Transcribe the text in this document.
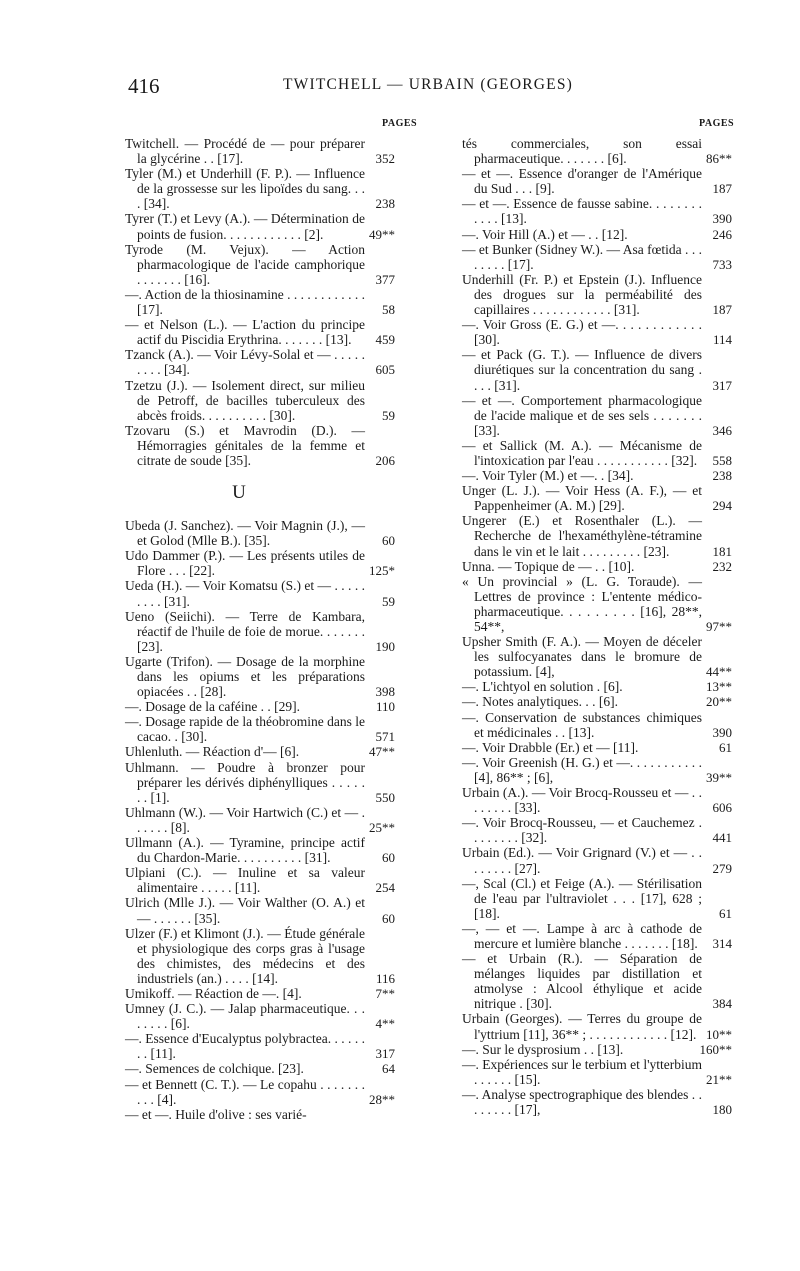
416	TWITCHELL — URBAIN (GEORGES)
PAGES
Twitchell. — Procédé de — pour préparer la glycérine . . [17].	352
Tyler (M.) et Underhill (F. P.). — Influence de la grossesse sur les lipoïdes du sang. . . . [34].	238
Tyrer (T.) et Levy (A.). — Détermination de points de fusion. . . . . . . . . . . . [2].	49**
Tyrode (M. Vejux). — Action pharmacologique de l'acide camphorique . . . . . . . [16].	377
—. Action de la thiosinamine . . . . . . . . . . . . [17].	58
— et Nelson (L.). — L'action du principe actif du Piscidia Erythrina. . . . . . . [13].	459
Tzanck (A.). — Voir Lévy-Solal et — . . . . . . . . . [34].	605
Tzetzu (J.). — Isolement direct, sur milieu de Petroff, de bacilles tuberculeux des abcès froids. . . . . . . . . . [30].	59
Tzovaru (S.) et Mavrodin (D.). — Hémorragies génitales de la femme et citrate de soude [35].	206
U
Ubeda (J. Sanchez). — Voir Magnin (J.), — et Golod (Mlle B.). [35].	60
Udo Dammer (P.). — Les présents utiles de Flore . . . [22].	125*
Ueda (H.). — Voir Komatsu (S.) et — . . . . . . . . . [31].	59
Ueno (Seiichi). — Terre de Kambara, réactif de l'huile de foie de morue. . . . . . . [23].	190
Ugarte (Trifon). — Dosage de la morphine dans les opiums et les préparations opiacées . . [28].	398
—. Dosage de la caféine . . [29].	110
—. Dosage rapide de la théobromine dans le cacao. . [30].	571
Uhlenluth. — Réaction d'— [6].	47**
Uhlmann. — Poudre à bronzer pour préparer les dérivés diphénylliques . . . . . . . [1].	550
Uhlmann (W.). — Voir Hartwich (C.) et — . . . . . . [8].	25**
Ullmann (A.). — Tyramine, principe actif du Chardon-Marie. . . . . . . . . . [31].	60
Ulpiani (C.). — Inuline et sa valeur alimentaire . . . . . [11].	254
Ulrich (Mlle J.). — Voir Walther (O. A.) et — . . . . . . [35].	60
Ulzer (F.) et Klimont (J.). — Étude générale et physiologique des corps gras à l'usage des chimistes, des médecins et des industriels (an.) . . . . [14].	116
Umikoff. — Réaction de —. [4].	7**
Umney (J. C.). — Jalap pharmaceutique. . . . . . . . [6].	4**
—. Essence d'Eucalyptus polybractea. . . . . . . . [11].	317
—. Semences de colchique. [23].	64
— et Bennett (C. T.). — Le copahu . . . . . . . . . . [4].	28**
— et —. Huile d'olive : ses varié-
PAGES
tés commerciales, son essai pharmaceutique. . . . . . . [6].	86**
— et —. Essence d'oranger de l'Amérique du Sud . . . [9].	187
— et —. Essence de fausse sabine. . . . . . . . . . . . [13].	390
—. Voir Hill (A.) et — . . [12].	246
— et Bunker (Sidney W.). — Asa fœtida . . . . . . . . [17].	733
Underhill (Fr. P.) et Epstein (J.). Influence des drogues sur la perméabilité des capillaires . . . . . . . . . . . . [31].	187
—. Voir Gross (E. G.) et —. . . . . . . . . . . . [30].	114
— et Pack (G. T.). — Influence de divers diurétiques sur la concentration du sang . . . . [31].	317
— et —. Comportement pharmacologique de l'acide malique et de ses sels . . . . . . . [33].	346
— et Sallick (M. A.). — Mécanisme de l'intoxication par l'eau . . . . . . . . . . . [32].	558
—. Voir Tyler (M.) et —. . [34].	238
Unger (L. J.). — Voir Hess (A. F.), — et Pappenheimer (A. M.) [29].	294
Ungerer (E.) et Rosenthaler (L.). — Recherche de l'hexaméthylène-tétramine dans le vin et le lait . . . . . . . . . [23].	181
Unna. — Topique de — . . [10].	232
« Un provincial » (L. G. Toraude). — Lettres de province : L'entente médico-pharmaceutique. . . . . . . . . [16], 28**, 54**,	97**
Upsher Smith (F. A.). — Moyen de déceler les sulfocyanates dans le bromure de potassium. [4],	44**
—. L'ichtyol en solution . [6].	13**
—. Notes analytiques. . . [6].	20**
—. Conservation de substances chimiques et médicinales . . [13].	390
—. Voir Drabble (Er.) et — [11].	61
—. Voir Greenish (H. G.) et —. . . . . . . . . . . [4], 86** ; [6],	39**
Urbain (A.). — Voir Brocq-Rousseu et — . . . . . . . . [33].	606
—. Voir Brocq-Rousseu, — et Cauchemez . . . . . . . . [32].	441
Urbain (Ed.). — Voir Grignard (V.) et — . . . . . . . . [27].	279
—, Scal (Cl.) et Feige (A.). — Stérilisation de l'eau par l'ultraviolet . . . [17], 628 ; [18].	61
—, — et —. Lampe à arc à cathode de mercure et lumière blanche . . . . . . . [18].	314
— et Urbain (R.). — Séparation de mélanges liquides par distillation et atmolyse : Alcool éthylique et acide nitrique . [30].	384
Urbain (Georges). — Terres du groupe de l'yttrium [11], 36** ; . . . . . . . . . . . . [12]. 10**
—. Sur le dysprosium . . [13].	160**
—. Expériences sur le terbium et l'ytterbium . . . . . . [15].	21**
—. Analyse spectrographique des blendes . . . . . . . . [17],	180
